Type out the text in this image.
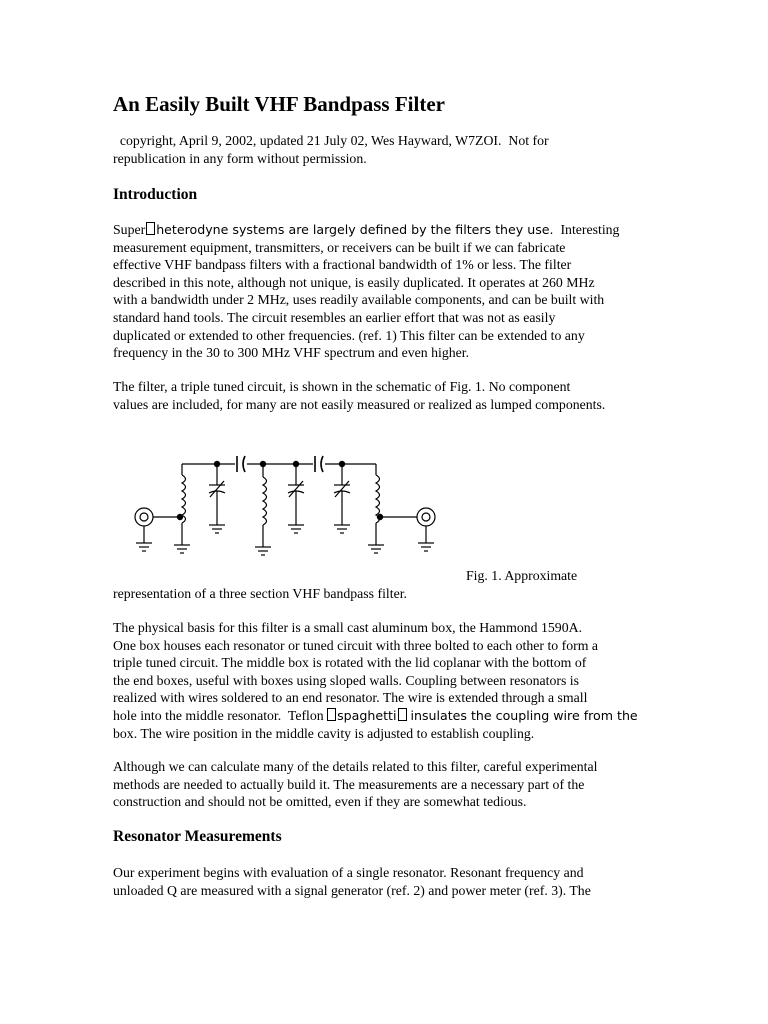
An Easily Built VHF Bandpass Filter

copyright, April 9, 2002, updated 21 July 02, Wes Hayward, W7ZOI.  Not for
republication in any form without permission.

Introduction

Super heterodyne systems are largely defined by the filters they use.  Interesting
measurement equipment, transmitters, or receivers can be built if we can fabricate
effective VHF bandpass filters with a fractional bandwidth of 1% or less. The filter
described in this note, although not unique, is easily duplicated. It operates at 260 MHz
with a bandwidth under 2 MHz, uses readily available components, and can be built with
standard hand tools. The circuit resembles an earlier effort that was not as easily
duplicated or extended to other frequencies. (ref. 1) This filter can be extended to any
frequency in the 30 to 300 MHz VHF spectrum and even higher.

The filter, a triple tuned circuit, is shown in the schematic of Fig. 1. No component
values are included, for many are not easily measured or realized as lumped components.

representation of a three section VHF bandpass filter.

The physical basis for this filter is a small cast aluminum box, the Hammond 1590A.
One box houses each resonator or tuned circuit with three bolted to each other to form a
triple tuned circuit. The middle box is rotated with the lid coplanar with the bottom of
the end boxes, useful with boxes using sloped walls. Coupling between resonators is
realized with wires soldered to an end resonator. The wire is extended through a small
hole into the middle resonator.  Teflon spaghetti insulates the coupling wire from the
box. The wire position in the middle cavity is adjusted to establish coupling.

Although we can calculate many of the details related to this filter, careful experimental
methods are needed to actually build it. The measurements are a necessary part of the
construction and should not be omitted, even if they are somewhat tedious.

Resonator Measurements

Our experiment begins with evaluation of a single resonator. Resonant frequency and
unloaded Q are measured with a signal generator (ref. 2) and power meter (ref. 3). The

Fig. 1. Approximate
